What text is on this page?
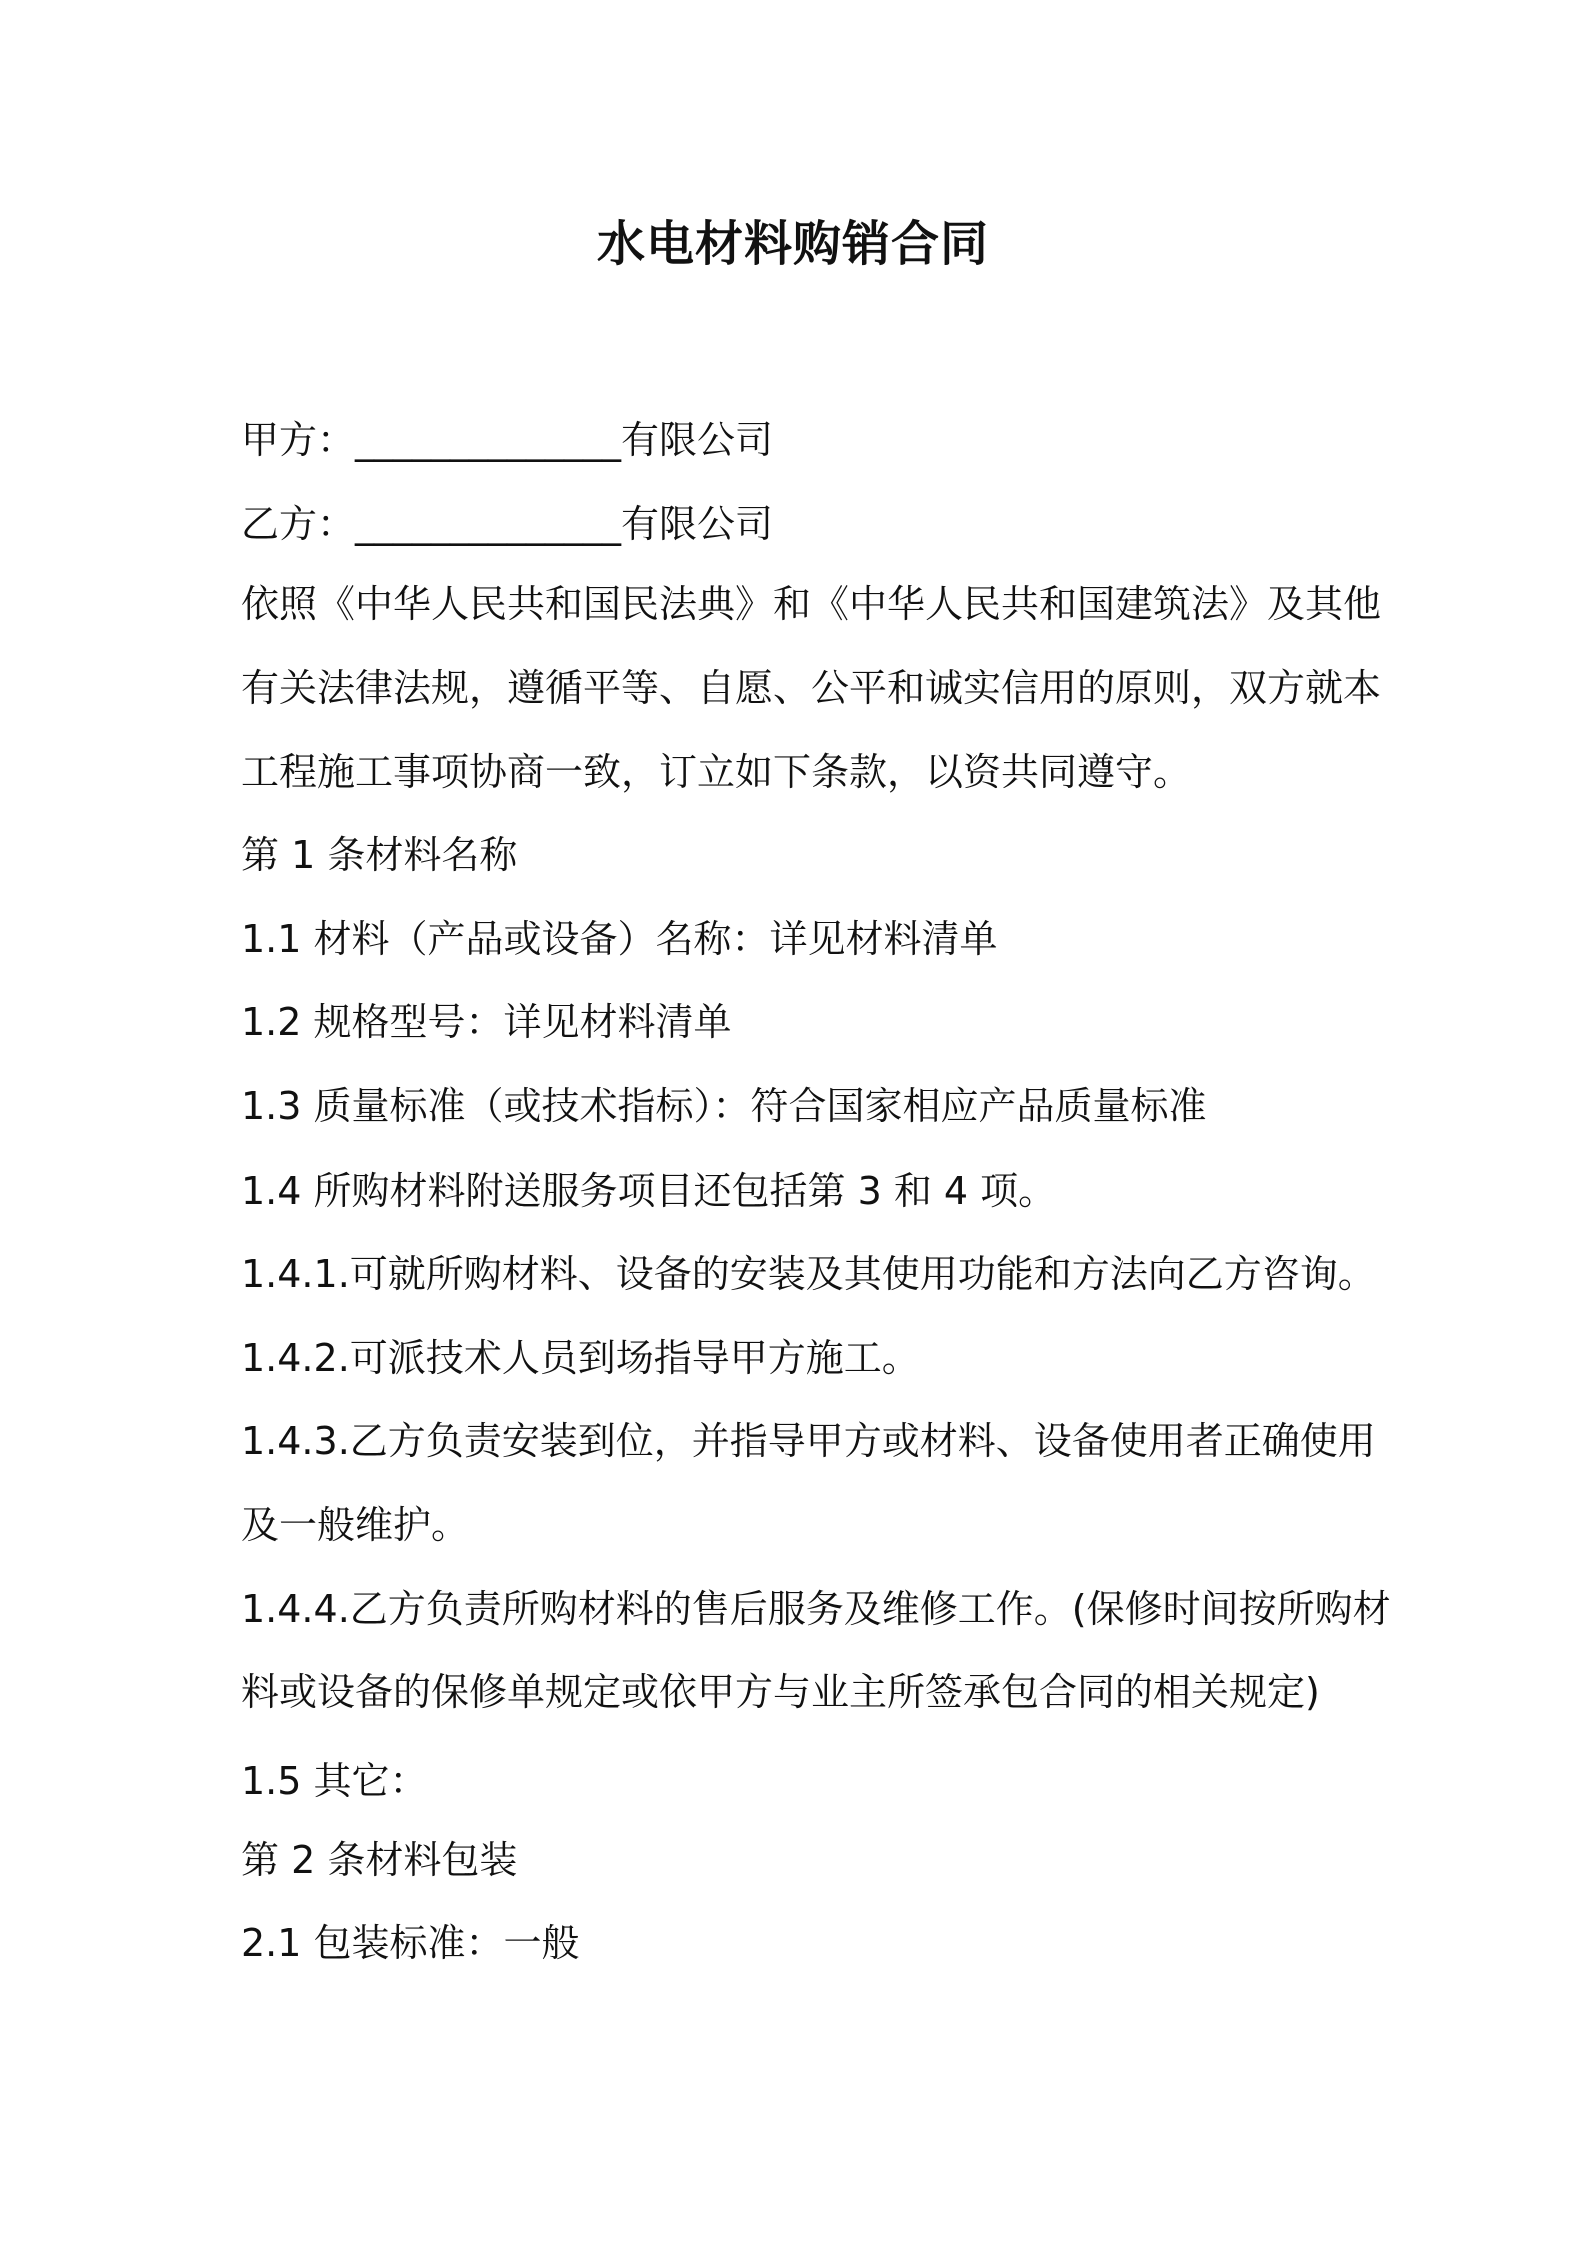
水电材料购销合同
甲方：______________有限公司
乙方：______________有限公司
依照《中华人民共和国民法典》和《中华人民共和国建筑法》及其他
有关法律法规，遵循平等、自愿、公平和诚实信用的原则，双方就本
工程施工事项协商一致，订立如下条款，以资共同遵守。
第 1 条材料名称
1.1 材料（产品或设备）名称：详见材料清单
1.2 规格型号：详见材料清单
1.3 质量标准（或技术指标）：符合国家相应产品质量标准
1.4 所购材料附送服务项目还包括第 3 和 4 项。
1.4.1.可就所购材料、设备的安装及其使用功能和方法向乙方咨询。
1.4.2.可派技术人员到场指导甲方施工。
1.4.3.乙方负责安装到位，并指导甲方或材料、设备使用者正确使用
及一般维护。
1.4.4.乙方负责所购材料的售后服务及维修工作。(保修时间按所购材
料或设备的保修单规定或依甲方与业主所签承包合同的相关规定)
1.5 其它：
第 2 条材料包装
2.1 包装标准：一般
